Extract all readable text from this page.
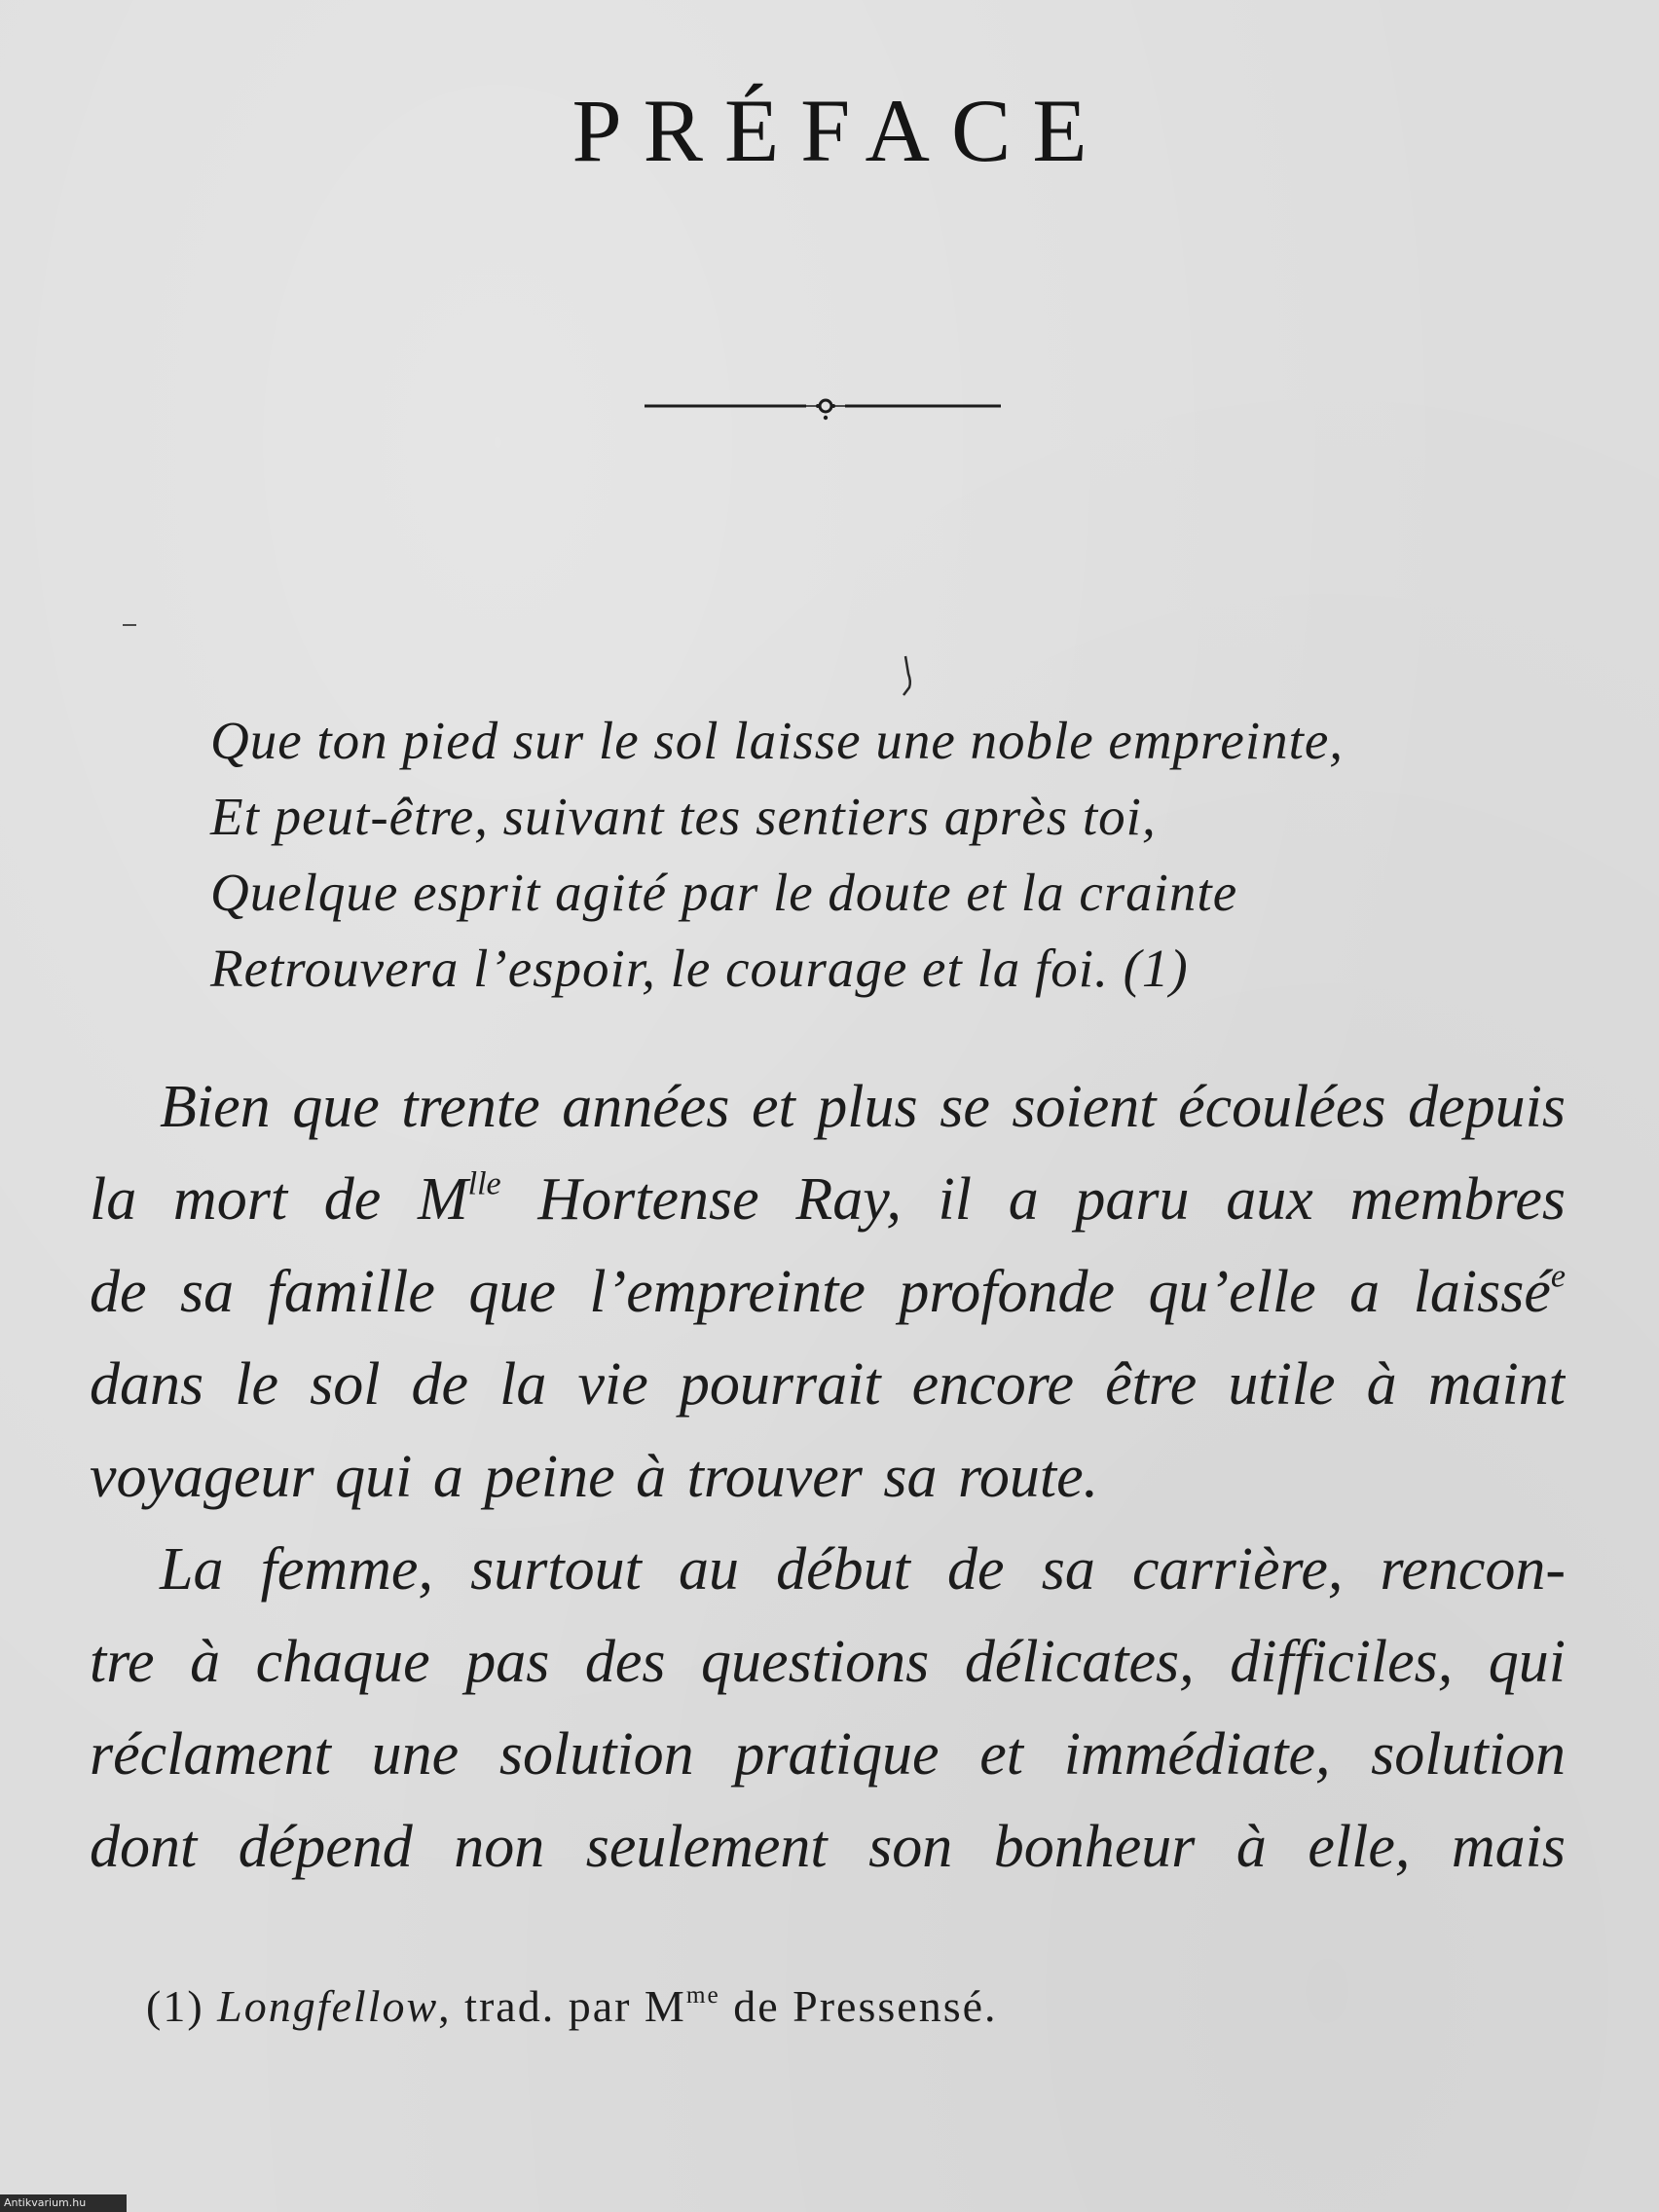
PRÉFACE
Que ton pied sur le sol laisse une noble empreinte,
Et peut-être, suivant tes sentiers après toi,
Quelque esprit agité par le doute et la crainte
Retrouvera l’espoir, le courage et la foi. (1)
Bien que trente années et plus se soient écoulées depuis
la mort de $M^{lle}$ Hortense Ray, il a paru aux membres
de sa famille que l’empreinte profonde qu’elle a laissé$^e$
dans le sol de la vie pourrait encore être utile à maint
voyageur qui a peine à trouver sa route.
La femme, surtout au début de sa carrière, rencon-
tre à chaque pas des questions délicates, difficiles, qui
réclament une solution pratique et immédiate, solution
dont dépend non seulement son bonheur à elle, mais
(1) Longfellow, trad. par $M^{me}$ de Pressensé.
Antikvarium.hu
